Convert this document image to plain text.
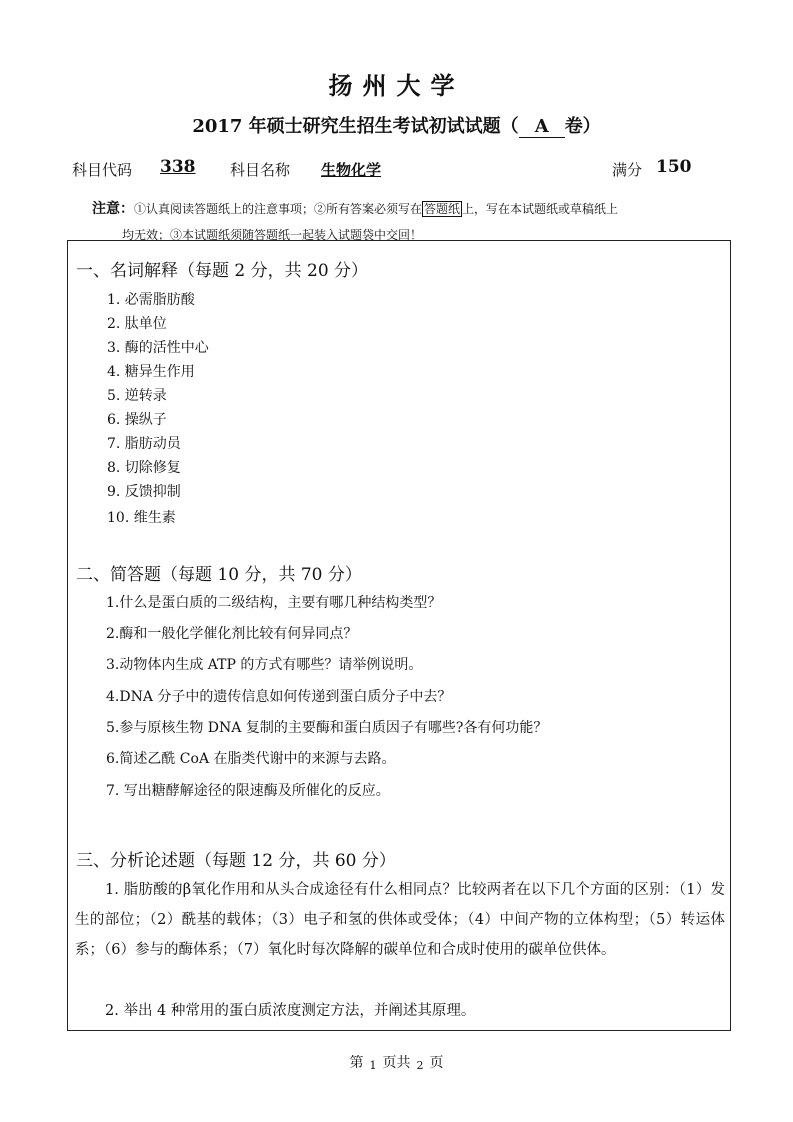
扬州大学
2017 年硕士研究生招生考试初试试题（ A 卷）
科目代码 338 科目名称 生物化学	满分 150
注意：①认真阅读答题纸上的注意事项；②所有答案必须写在 答题纸 上，写在本试题纸或草稿纸上
均无效；③本试题纸须随答题纸一起装入试题袋中交回！
一、名词解释（每题 2 分，共 20 分）
1. 必需脂肪酸
2. 肽单位
3. 酶的活性中心
4. 糖异生作用
5. 逆转录
6. 操纵子
7. 脂肪动员
8. 切除修复
9. 反馈抑制
10. 维生素
二、简答题（每题 10 分，共 70 分）
1.什么是蛋白质的二级结构，主要有哪几种结构类型？
2.酶和一般化学催化剂比较有何异同点？
3.动物体内生成 ATP 的方式有哪些？请举例说明。
4.DNA 分子中的遗传信息如何传递到蛋白质分子中去？
5.参与原核生物 DNA 复制的主要酶和蛋白质因子有哪些?各有何功能？
6.简述乙酰 CoA 在脂类代谢中的来源与去路。
7. 写出糖酵解途径的限速酶及所催化的反应。
三、分析论述题（每题 12 分，共 60 分）
1. 脂肪酸的β氧化作用和从头合成途径有什么相同点？比较两者在以下几个方面的区别：（1）发生的部位；（2）酰基的载体；（3）电子和氢的供体或受体；（4）中间产物的立体构型；（5）转运体系；（6）参与的酶体系；（7）氧化时每次降解的碳单位和合成时使用的碳单位供体。
2. 举出 4 种常用的蛋白质浓度测定方法，并阐述其原理。
第 1 页共 2 页
